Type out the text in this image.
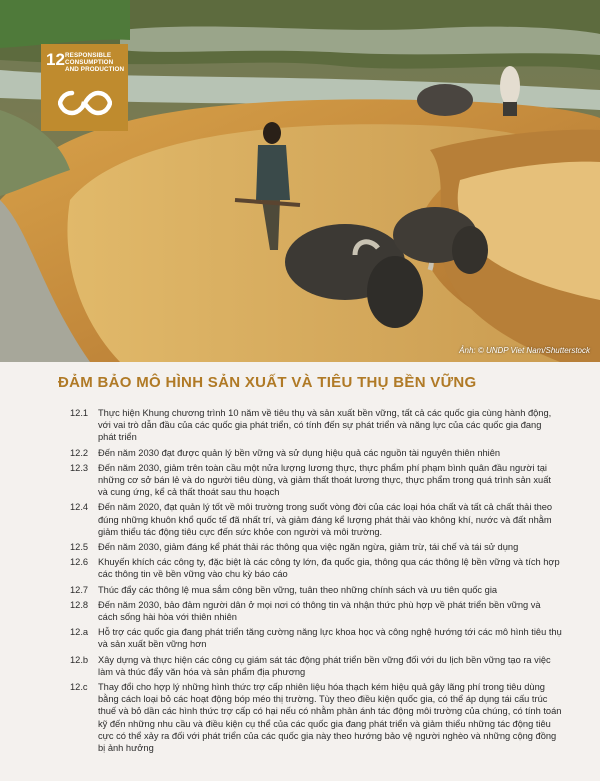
12 RESPONSIBLE CONSUMPTION AND PRODUCTION
Ảnh: © UNDP Viet Nam/Shutterstock
ĐẢM BẢO MÔ HÌNH SẢN XUẤT VÀ TIÊU THỤ BỀN VỮNG
12.1	Thực hiện Khung chương trình 10 năm về tiêu thụ và sản xuất bền vững, tất cả các quốc gia cùng hành động, với vai trò dẫn đầu của các quốc gia phát triển, có tính đến sự phát triển và năng lực của các quốc gia đang phát triển
12.2	Đến năm 2030 đạt được quản lý bền vững và sử dụng hiệu quả các nguồn tài nguyên thiên nhiên
12.3	Đến năm 2030, giảm trên toàn cầu một nửa lượng lương thực, thực phẩm phí phạm bình quân đầu người tại những cơ sở bán lẻ và do người tiêu dùng, và giảm thất thoát lương thực, thực phẩm trong quá trình sản xuất và cung ứng, kể cả thất thoát sau thu hoạch
12.4	Đến năm 2020, đạt quản lý tốt về môi trường trong suốt vòng đời của các loại hóa chất và tất cả chất thải theo đúng những khuôn khổ quốc tế đã nhất trí, và giảm đáng kể lượng phát thải vào không khí, nước và đất nhằm giảm thiểu tác động tiêu cực đến sức khỏe con người và môi trường.
12.5	Đến năm 2030, giảm đáng kể phát thải rác thông qua việc ngăn ngừa, giảm trừ, tái chế và tái sử dụng
12.6	Khuyến khích các công ty, đặc biệt là các công ty lớn, đa quốc gia, thông qua các thông lệ bền vững và tích hợp các thông tin về bền vững vào chu kỳ báo cáo
12.7	Thúc đẩy các thông lệ mua sắm công bền vững, tuân theo những chính sách và ưu tiên quốc gia
12.8	Đến năm 2030, bảo đảm người dân ở mọi nơi có thông tin và nhận thức phù hợp về phát triển bền vững và cách sống hài hòa với thiên nhiên
12.a	Hỗ trợ các quốc gia đang phát triển tăng cường năng lực khoa học và công nghệ hướng tới các mô hình tiêu thụ và sản xuất bền vững hơn
12.b	Xây dựng và thực hiện các công cụ giám sát tác động phát triển bền vững đối với du lịch bền vững tạo ra việc làm và thúc đẩy văn hóa và sản phẩm địa phương
12.c	Thay đổi cho hợp lý những hình thức trợ cấp nhiên liệu hóa thạch kém hiệu quả gây lãng phí trong tiêu dùng bằng cách loại bỏ các hoạt động bóp méo thị trường. Tùy theo điều kiện quốc gia, có thể áp dụng tái cấu trúc thuế và bỏ dần các hình thức trợ cấp có hại nếu có nhằm phản ánh tác động môi trường của chúng, có tính toán kỹ đến những nhu cầu và điều kiện cụ thể của các quốc gia đang phát triển và giảm thiểu những tác động tiêu cực có thể xảy ra đối với phát triển của các quốc gia này theo hướng bảo vệ người nghèo và những cộng đồng bị ảnh hưởng
